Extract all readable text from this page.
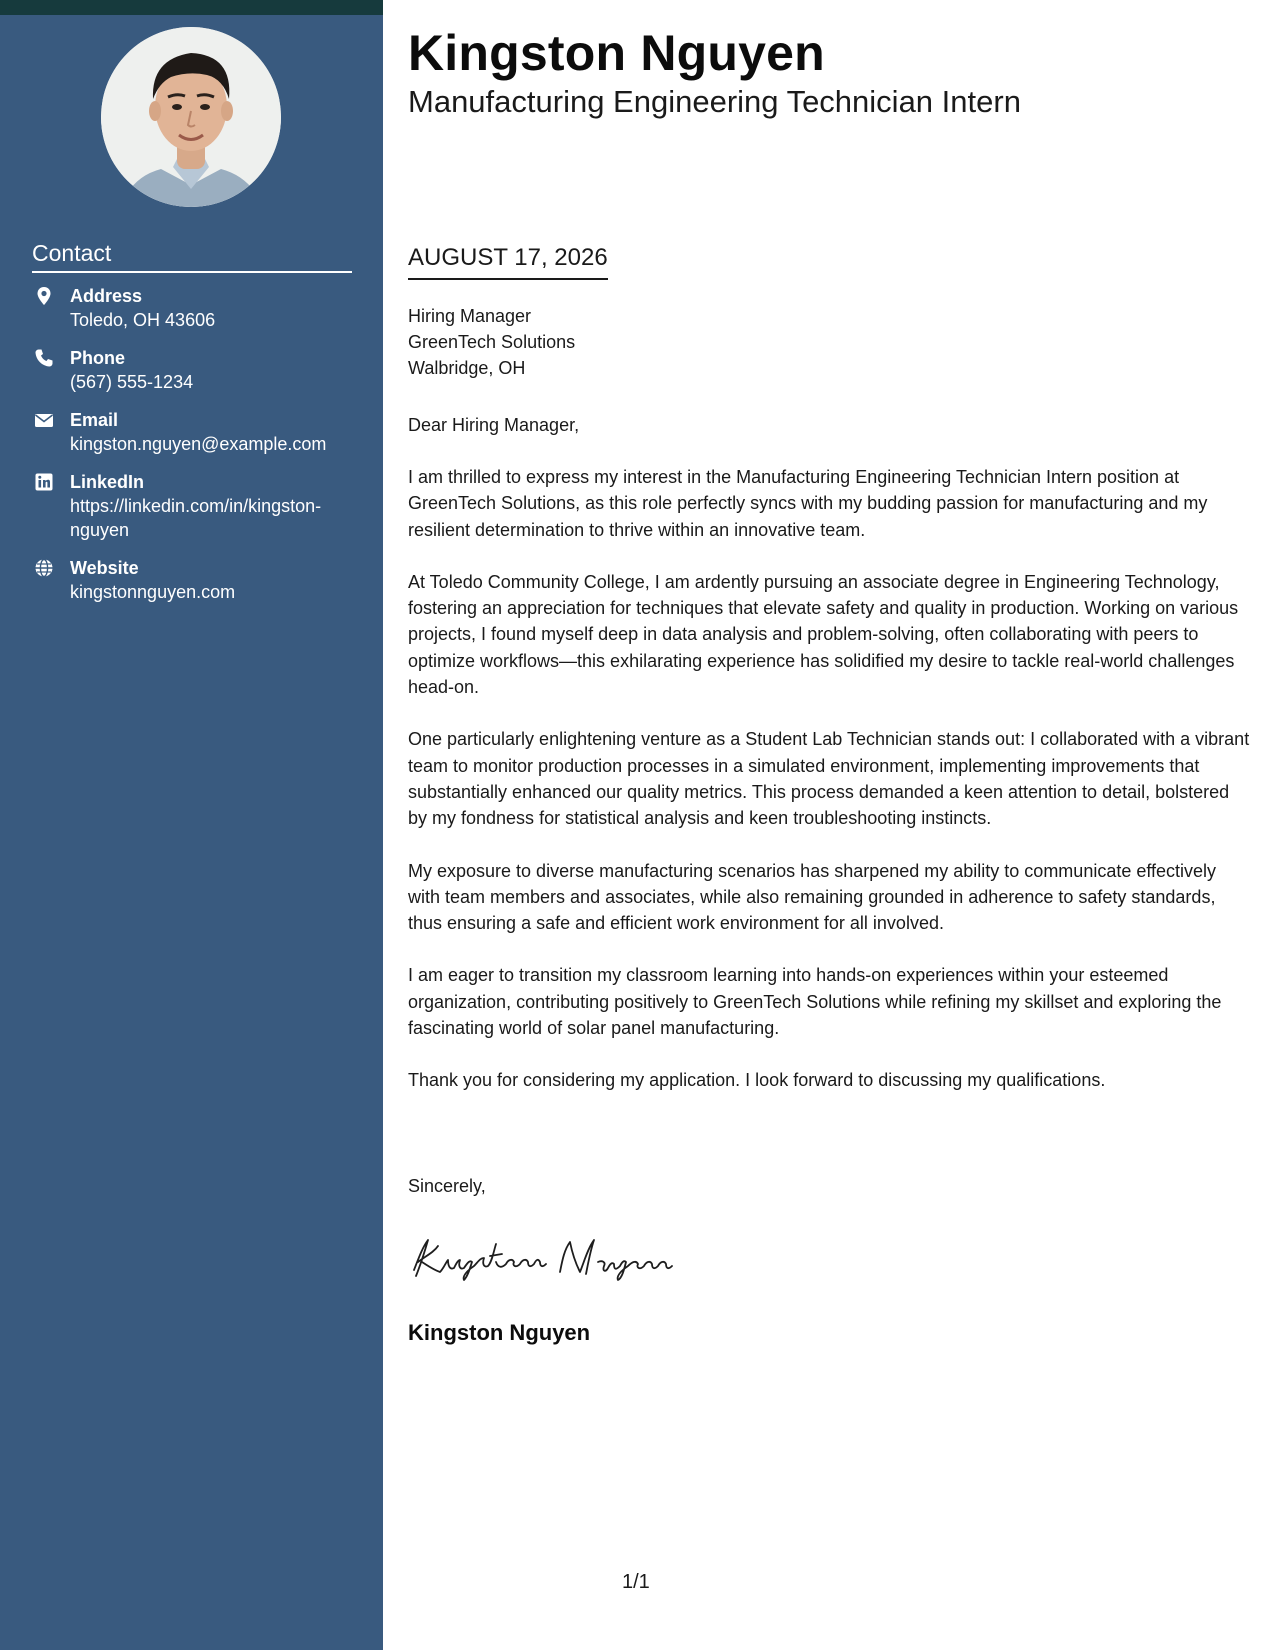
Contact
Address
Toledo, OH 43606
Phone
(567) 555-1234
Email
kingston.nguyen@example.com
LinkedIn
https://linkedin.com/in/kingston-
nguyen
Website
kingstonnguyen.com
Kingston Nguyen
Manufacturing Engineering Technician Intern
AUGUST 17, 2026
Hiring Manager
GreenTech Solutions
Walbridge, OH
Dear Hiring Manager,

I am thrilled to express my interest in the Manufacturing Engineering Technician Intern position at GreenTech Solutions, as this role perfectly syncs with my budding passion for manufacturing and my resilient determination to thrive within an innovative team.

At Toledo Community College, I am ardently pursuing an associate degree in Engineering Technology, fostering an appreciation for techniques that elevate safety and quality in production. Working on various projects, I found myself deep in data analysis and problem-solving, often collaborating with peers to optimize workflows—this exhilarating experience has solidified my desire to tackle real-world challenges head-on.

One particularly enlightening venture as a Student Lab Technician stands out: I collaborated with a vibrant team to monitor production processes in a simulated environment, implementing improvements that substantially enhanced our quality metrics. This process demanded a keen attention to detail, bolstered by my fondness for statistical analysis and keen troubleshooting instincts.

My exposure to diverse manufacturing scenarios has sharpened my ability to communicate effectively with team members and associates, while also remaining grounded in adherence to safety standards, thus ensuring a safe and efficient work environment for all involved.

I am eager to transition my classroom learning into hands-on experiences within your esteemed organization, contributing positively to GreenTech Solutions while refining my skillset and exploring the fascinating world of solar panel manufacturing.

Thank you for considering my application. I look forward to discussing my qualifications.

Sincerely,
Kingston Nguyen
1/1
